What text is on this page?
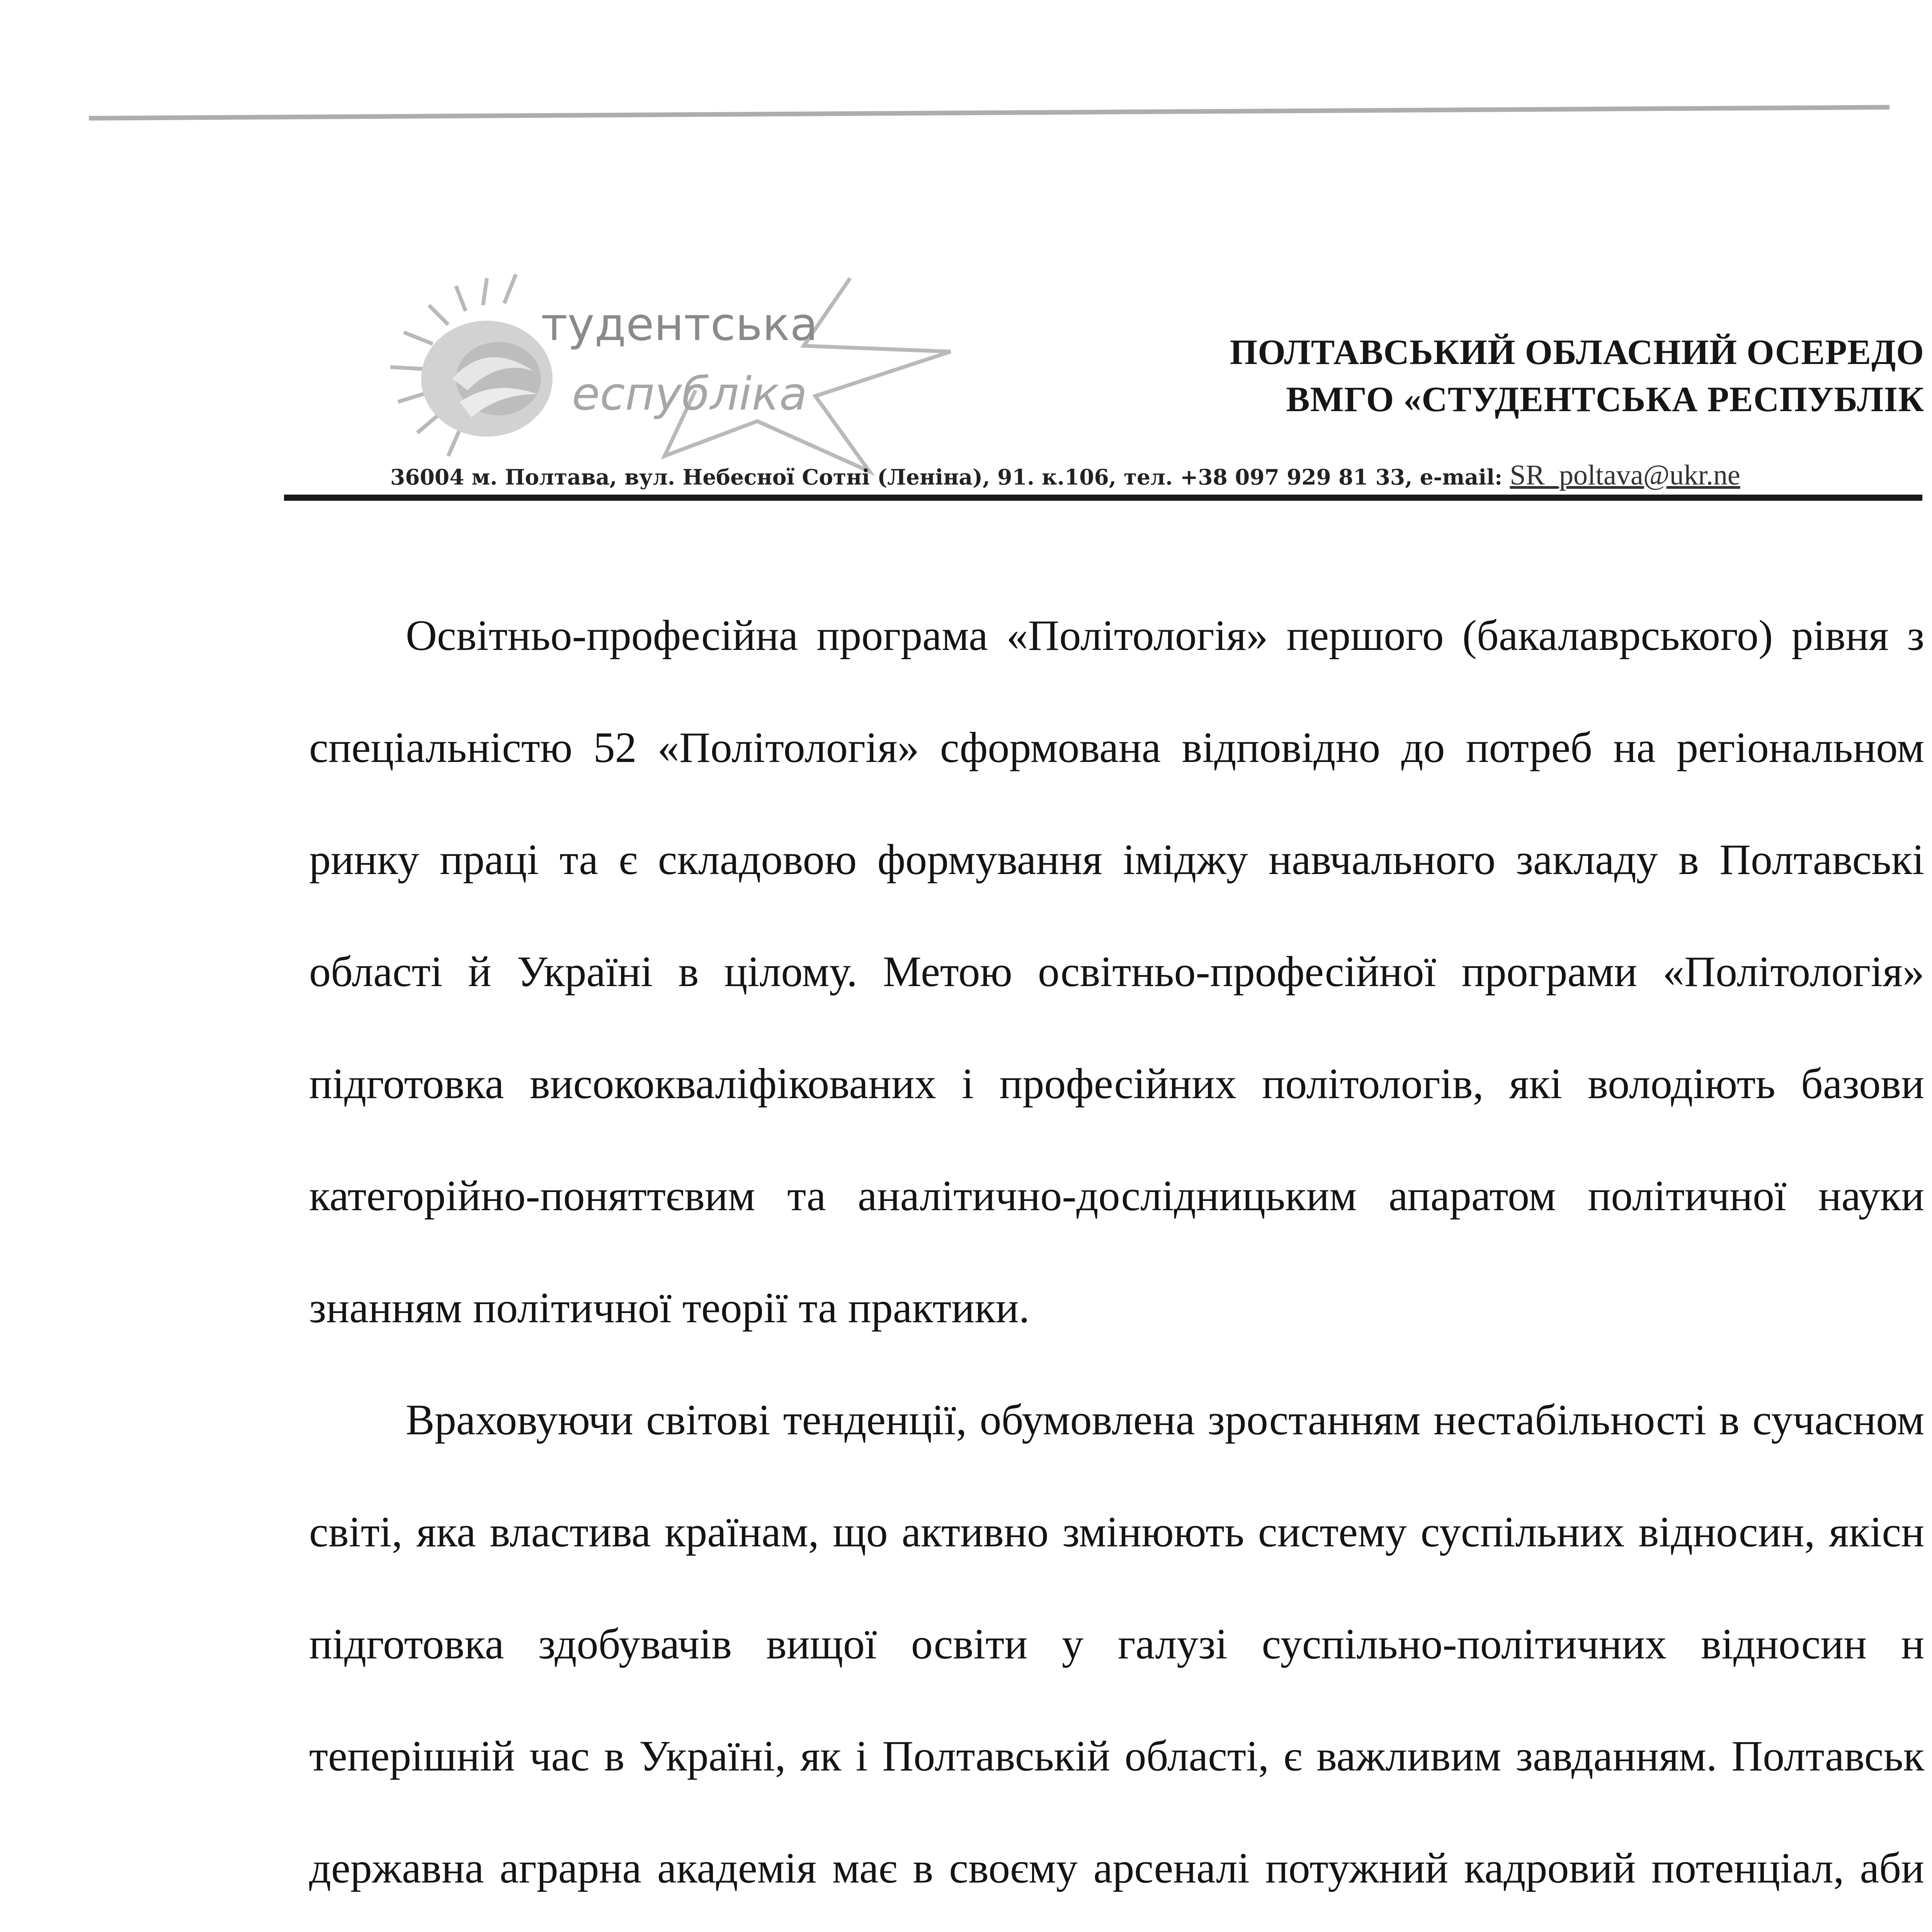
тудентська
еспубліка
ПОЛТАВСЬКИЙ ОБЛАСНИЙ ОСЕРЕДО
ВМГО «СТУДЕНТСЬКА РЕСПУБЛІК
36004 м. Полтава, вул. Небесної Сотні (Леніна), 91. к.106, тел. +38 097 929 81 33, e-mail: SR_poltava@ukr.ne

Освітньо-професійна програма «Політологія» першого (бакалаврського) рівня з спеціальністю 52 «Політологія» сформована відповідно до потреб на регіональном ринку праці та є складовою формування іміджу навчального закладу в Полтавські області й Україні в цілому. Метою освітньо-професійної програми «Політологія» підготовка висококваліфікованих і професійних політологів, які володіють базови категорійно-поняттєвим та аналітично-дослідницьким апаратом політичної науки знанням політичної теорії та практики.

Враховуючи світові тенденції, обумовлена зростанням нестабільності в сучасном світі, яка властива країнам, що активно змінюють систему суспільних відносин, якісн підготовка здобувачів вищої освіти у галузі суспільно-політичних відносин н теперішній час в Україні, як і Полтавській області, є важливим завданням. Полтавськ державна аграрна академія має в своєму арсеналі потужний кадровий потенціал, аби
